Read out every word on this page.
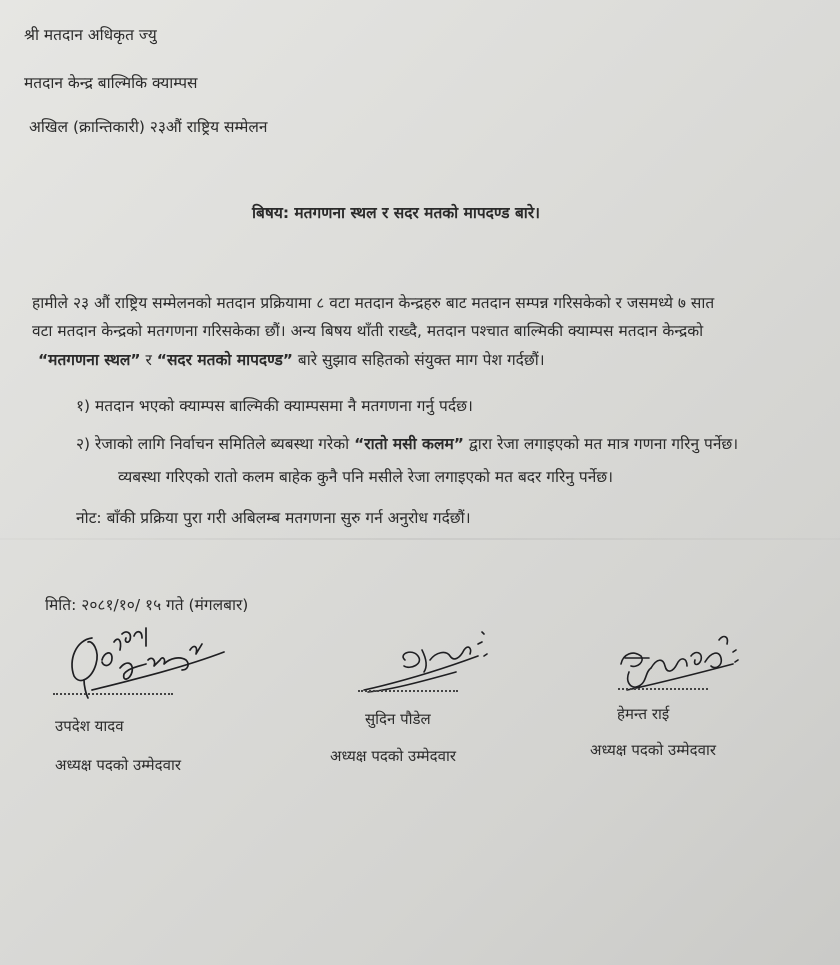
श्री मतदान अधिकृत ज्यु
मतदान केन्द्र बाल्मिकि क्याम्पस
अखिल (क्रान्तिकारी) २३औं राष्ट्रिय सम्मेलन
बिषय: मतगणना स्थल र सदर मतको मापदण्ड बारे।
हामीले २३ औं राष्ट्रिय सम्मेलनको मतदान प्रक्रियामा ८ वटा मतदान केन्द्रहरु बाट मतदान सम्पन्न गरिसकेको र जसमध्ये ७ सात
वटा मतदान केन्द्रको मतगणना गरिसकेका छौं। अन्य बिषय थाँती राख्दै, मतदान पश्चात बाल्मिकी क्याम्पस मतदान केन्द्रको
“मतगणना स्थल” र “सदर मतको मापदण्ड” बारे सुझाव सहितको संयुक्त माग पेश गर्दछौं।
१) मतदान भएको क्याम्पस बाल्मिकी क्याम्पसमा नै मतगणना गर्नु पर्दछ।
२) रेजाको लागि निर्वाचन समितिले ब्यबस्था गरेको “रातो मसी कलम” द्वारा रेजा लगाइएको मत मात्र गणना गरिनु पर्नेछ।
व्यबस्था गरिएको रातो कलम बाहेक कुनै पनि मसीले रेजा लगाइएको मत बदर गरिनु पर्नेछ।
नोट: बाँकी प्रक्रिया पुरा गरी अबिलम्ब मतगणना सुरु गर्न अनुरोध गर्दछौं।
मिति: २०८१/१०/ १५ गते (मंगलबार)
उपदेश यादव
अध्यक्ष पदको उम्मेदवार
सुदिन पौडेल
अध्यक्ष पदको उम्मेदवार
हेमन्त राई
अध्यक्ष पदको उम्मेदवार
